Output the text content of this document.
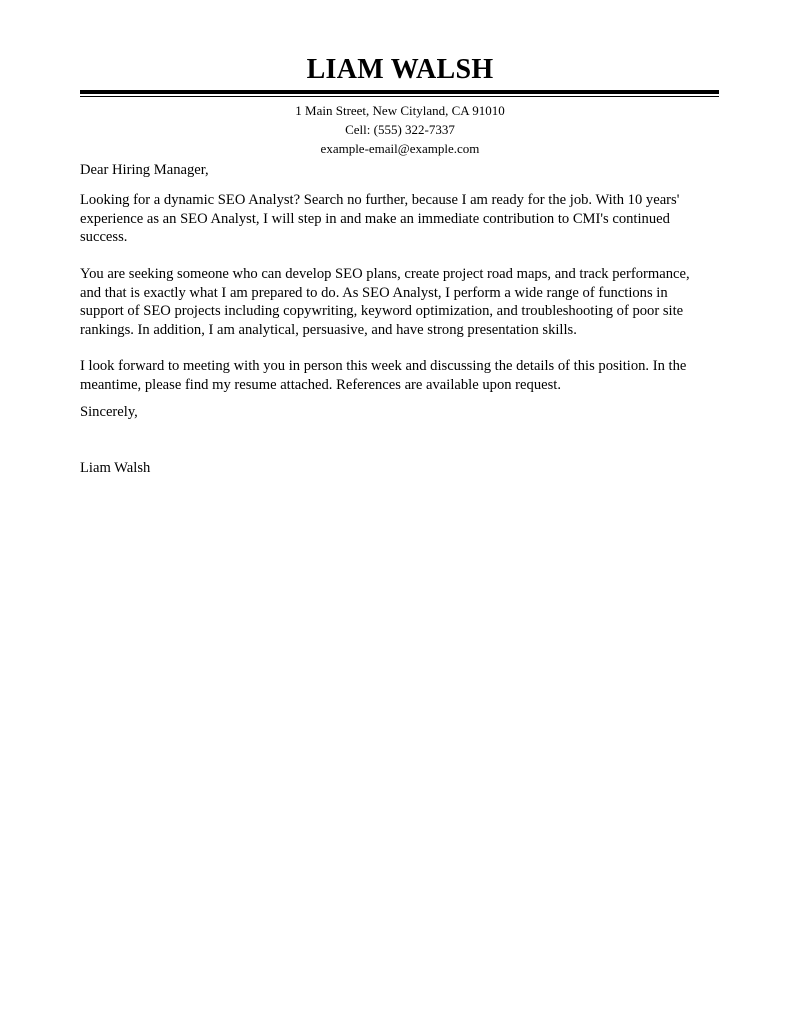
LIAM WALSH
1 Main Street, New Cityland, CA 91010
Cell: (555) 322-7337
example-email@example.com
Dear Hiring Manager,
Looking for a dynamic SEO Analyst? Search no further, because I am ready for the job. With 10 years'
experience as an SEO Analyst, I will step in and make an immediate contribution to CMI's continued
success.
You are seeking someone who can develop SEO plans, create project road maps, and track performance,
and that is exactly what I am prepared to do. As SEO Analyst, I perform a wide range of functions in
support of SEO projects including copywriting, keyword optimization, and troubleshooting of poor site
rankings. In addition, I am analytical, persuasive, and have strong presentation skills.
I look forward to meeting with you in person this week and discussing the details of this position. In the
meantime, please find my resume attached. References are available upon request.
Sincerely,
Liam Walsh
